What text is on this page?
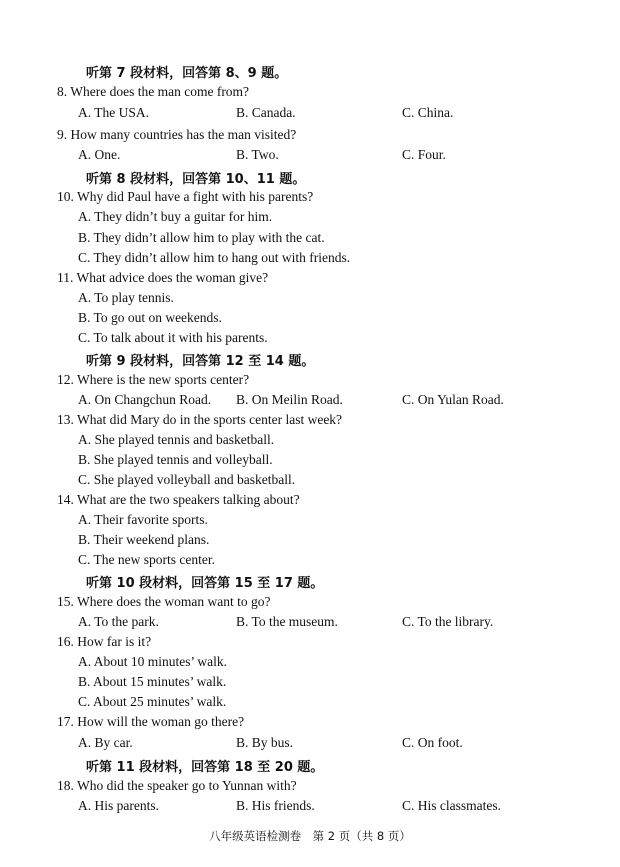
听第 7 段材料，回答第 8、9 题。
8. Where does the man come from?
A. The USA.	B. Canada.	C. China.
9. How many countries has the man visited?
A. One.	B. Two.	C. Four.
听第 8 段材料，回答第 10、11 题。
10. Why did Paul have a fight with his parents?
A. They didn’t buy a guitar for him.
B. They didn’t allow him to play with the cat.
C. They didn’t allow him to hang out with friends.
11. What advice does the woman give?
A. To play tennis.
B. To go out on weekends.
C. To talk about it with his parents.
听第 9 段材料，回答第 12 至 14 题。
12. Where is the new sports center?
A. On Changchun Road. B. On Meilin Road.	C. On Yulan Road.
13. What did Mary do in the sports center last week?
A. She played tennis and basketball.
B. She played tennis and volleyball.
C. She played volleyball and basketball.
14. What are the two speakers talking about?
A. Their favorite sports.
B. Their weekend plans.
C. The new sports center.
听第 10 段材料，回答第 15 至 17 题。
15. Where does the woman want to go?
A. To the park.	B. To the museum.	C. To the library.
16. How far is it?
A. About 10 minutes’ walk.
B. About 15 minutes’ walk.
C. About 25 minutes’ walk.
17. How will the woman go there?
A. By car.	B. By bus.	C. On foot.
听第 11 段材料，回答第 18 至 20 题。
18. Who did the speaker go to Yunnan with?
A. His parents.	B. His friends.	C. His classmates.
八年级英语检测卷　第 2 页（共 8 页）
